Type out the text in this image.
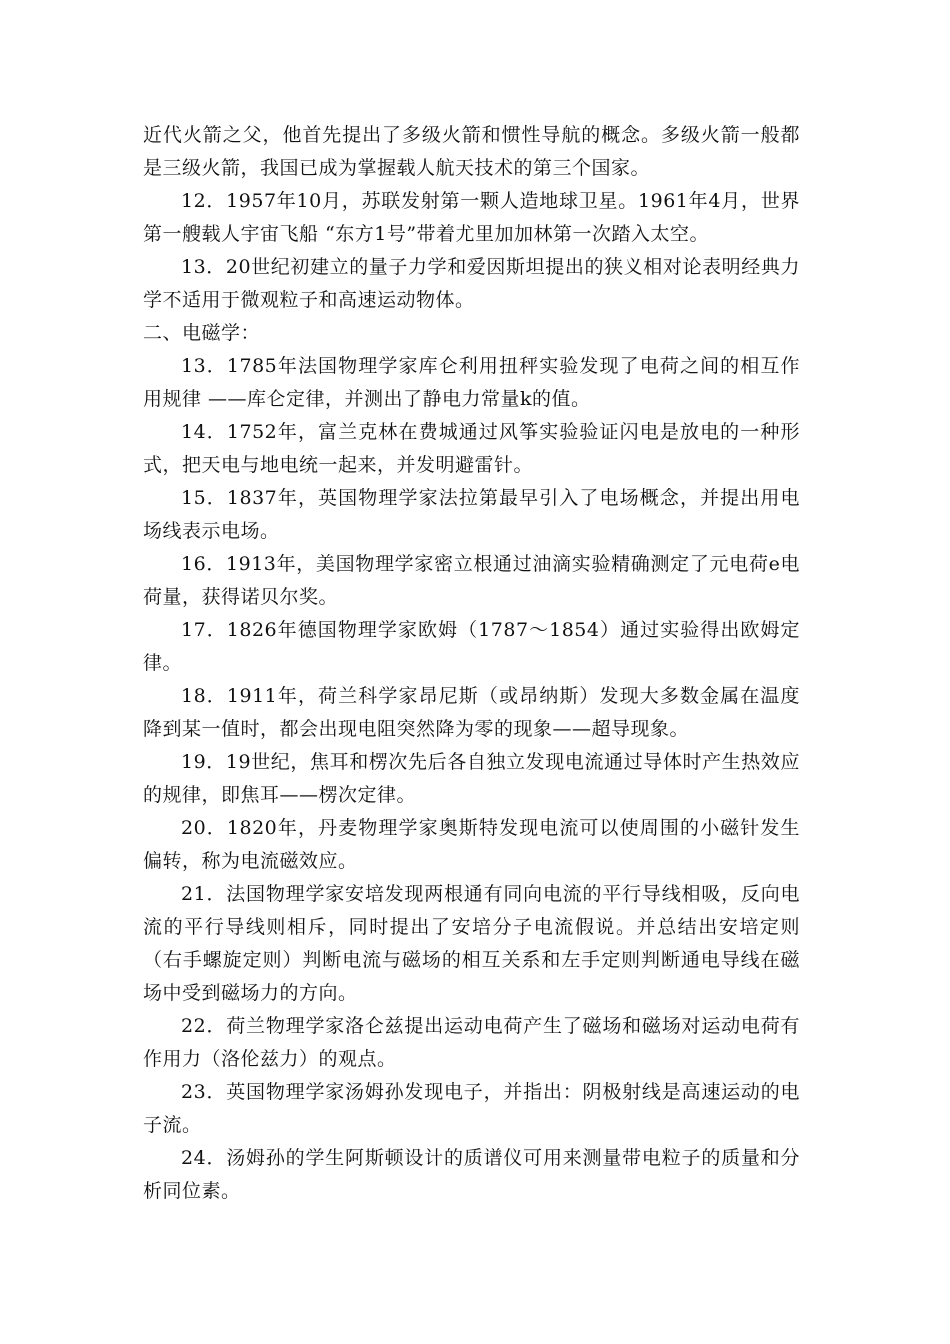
近代火箭之父，他首先提出了多级火箭和惯性导航的概念。多级火箭一般都是三级火箭，我国已成为掌握载人航天技术的第三个国家。

12．1957年10月，苏联发射第一颗人造地球卫星。1961年4月，世界第一艘载人宇宙飞船 “东方1号”带着尤里加加林第一次踏入太空。

13．20世纪初建立的量子力学和爱因斯坦提出的狭义相对论表明经典力学不适用于微观粒子和高速运动物体。

二、电磁学：

13．1785年法国物理学家库仑利用扭秤实验发现了电荷之间的相互作用规律 ——库仑定律，并测出了静电力常量k的值。

14．1752年，富兰克林在费城通过风筝实验验证闪电是放电的一种形式，把天电与地电统一起来，并发明避雷针。

15．1837年，英国物理学家法拉第最早引入了电场概念，并提出用电场线表示电场。

16．1913年，美国物理学家密立根通过油滴实验精确测定了元电荷e电荷量，获得诺贝尔奖。

17．1826年德国物理学家欧姆（1787～1854）通过实验得出欧姆定律。

18．1911年，荷兰科学家昂尼斯（或昂纳斯）发现大多数金属在温度降到某一值时，都会出现电阻突然降为零的现象——超导现象。

19．19世纪，焦耳和楞次先后各自独立发现电流通过导体时产生热效应的规律，即焦耳——楞次定律。

20．1820年，丹麦物理学家奥斯特发现电流可以使周围的小磁针发生偏转，称为电流磁效应。

21．法国物理学家安培发现两根通有同向电流的平行导线相吸，反向电流的平行导线则相斥，同时提出了安培分子电流假说。并总结出安培定则（右手螺旋定则）判断电流与磁场的相互关系和左手定则判断通电导线在磁场中受到磁场力的方向。

22．荷兰物理学家洛仑兹提出运动电荷产生了磁场和磁场对运动电荷有作用力（洛伦兹力）的观点。

23．英国物理学家汤姆孙发现电子，并指出：阴极射线是高速运动的电子流。

24．汤姆孙的学生阿斯顿设计的质谱仪可用来测量带电粒子的质量和分析同位素。
